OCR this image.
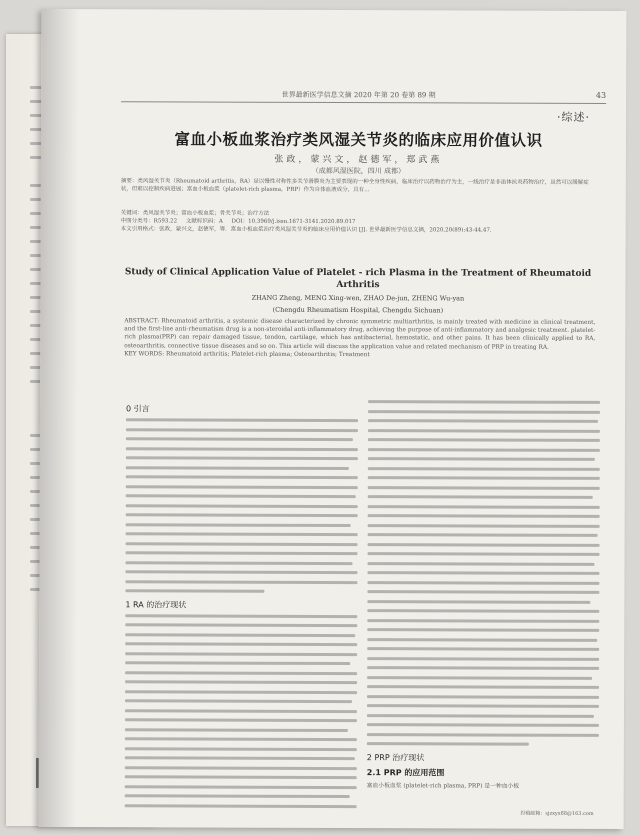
世界最新医学信息文摘 2020 年第 20 卷第 89 期	43
·综述·
富血小板血浆治疗类风湿关节炎的临床应用价值认识
张政，蒙兴文，赵德军，郑武燕
（成都风湿医院，四川 成都）

摘要：类风湿关节炎（Rheumatoid arthritis，RA）是以慢性对称性多关节滑膜炎为主要表现的一种全身性疾病，临床治疗以药物治疗为主，一线治疗是非甾体抗炎药物治疗，虽然可以缓解症状，但难以控制疾病进展；富血小板血浆（platelet-rich plasma，PRP）作为自体血液成分，具有…

关键词：类风湿关节炎；富血小板血浆；骨关节炎；治疗方法

中图分类号：R593.22 文献标识码：A DOI：10.3969/j.issn.1671-3141.2020.89.017

本文引用格式：张政，蒙兴文，赵德军，等．富血小板血浆治疗类风湿关节炎的临床应用价值认识 [J]. 世界最新医学信息文摘，2020,20(89):43-44,47.

Study of Clinical Application Value of Platelet - rich Plasma in the Treatment of Rheumatoid Arthritis
ZHANG Zheng, MENG Xing-wen, ZHAO De-jun, ZHENG Wu-yan
(Chengdu Rheumatism Hospital, Chengdu Sichuan)

ABSTRACT: Rheumatoid arthritis, a systemic disease characterized by chronic symmetric multiarthritis, is mainly treated with medicine in clinical treatment, and the first-line anti-rheumatism drug is a non-steroidal anti-inflammatory drug, achieving the purpose of anti-inflammatory and analgesic treatment. platelet-rich plasma(PRP) can repair damaged tissue, tendon, cartilage, which has antibacterial, hemostatic, and other pains. It has been clinically applied to RA, osteoarthritis, connective tissue diseases and so on. This article will discuss the application value and related mechanism of PRP in treating RA.

KEY WORDS: Rheumatoid arthritis; Platelet-rich plasma; Osteoarthritis; Treatment

0 引言
1 RA 的治疗现状
2 PRP 治疗现状
2.1 PRP 的应用范围

富血小板血浆 (platelet-rich plasma, PRP) 是一种血小板

投稿邮箱：sjzxyx88@163.com
